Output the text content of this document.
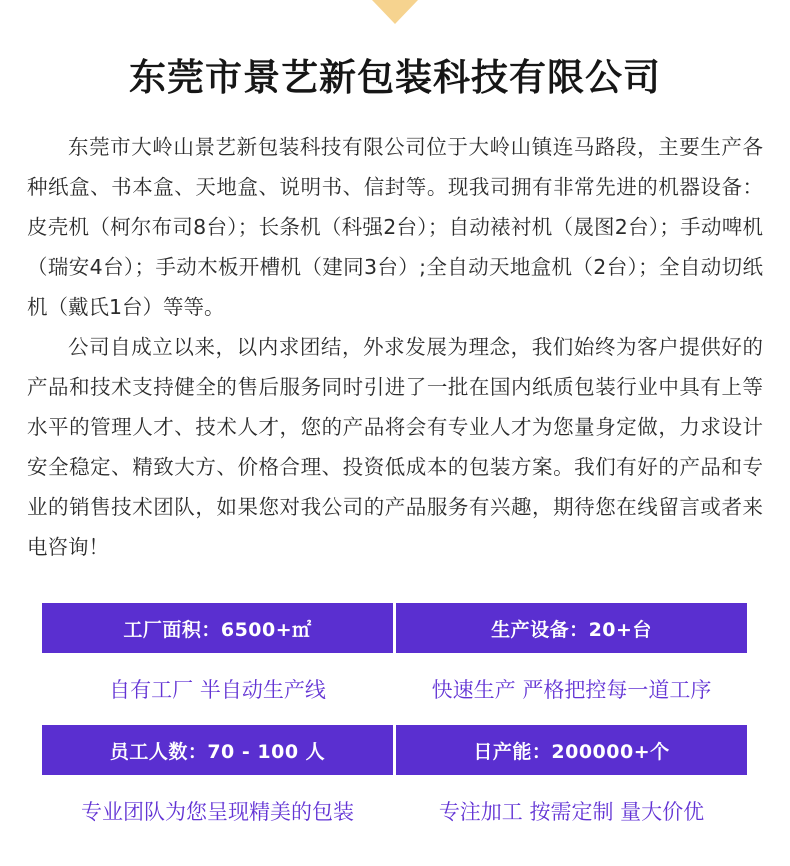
东莞市景艺新包装科技有限公司

东莞市大岭山景艺新包装科技有限公司位于大岭山镇连马路段，主要生产各种纸盒、书本盒、天地盒、说明书、信封等。现我司拥有非常先进的机器设备：皮壳机（柯尔布司8台）；长条机（科强2台）；自动裱衬机（晟图2台）；手动啤机（瑞安4台）；手动木板开槽机（建同3台）;全自动天地盒机（2台）；全自动切纸机（戴氏1台）等等。

公司自成立以来，以内求团结，外求发展为理念，我们始终为客户提供好的产品和技术支持健全的售后服务同时引进了一批在国内纸质包装行业中具有上等水平的管理人才、技术人才，您的产品将会有专业人才为您量身定做，力求设计安全稳定、精致大方、价格合理、投资低成本的包装方案。我们有好的产品和专业的销售技术团队，如果您对我公司的产品服务有兴趣，期待您在线留言或者来电咨询！

工厂面积：6500+㎡	生产设备：20+台
自有工厂 半自动生产线	快速生产 严格把控每一道工序
员工人数：70 - 100 人	日产能：200000+个
专业团队为您呈现精美的包装	专注加工 按需定制 量大价优
